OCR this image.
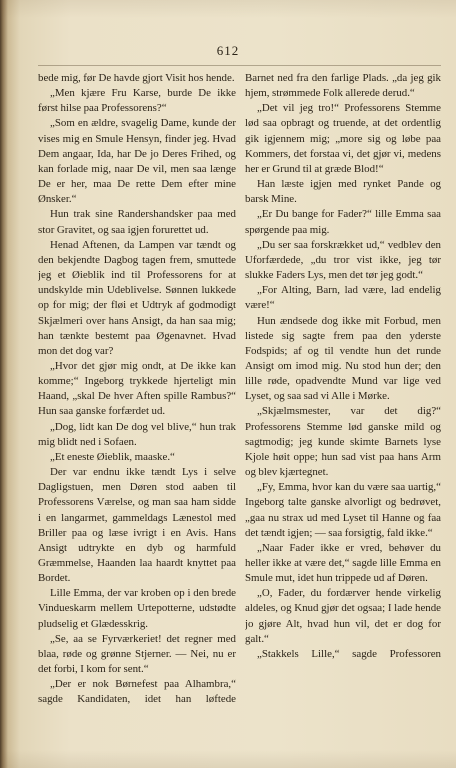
612

bede mig, før De havde gjort Visit hos hende.

„Men kjære Fru Karse, burde De ikke først hilse paa Professorens?“

„Som en ældre, svagelig Dame, kunde der vises mig en Smule Hensyn, finder jeg. Hvad Dem angaar, Ida, har De jo Deres Frihed, og kan forlade mig, naar De vil, men saa længe De er her, maa De rette Dem efter mine Ønsker.“

Hun trak sine Randershandsker paa med stor Gravitet, og saa igjen forurettet ud.

Henad Aftenen, da Lampen var tændt og den bekjendte Dagbog tagen frem, smuttede jeg et Øieblik ind til Professorens for at undskylde min Udeblivelse. Sønnen lukkede op for mig; der fløi et Udtryk af godmodigt Skjælmeri over hans Ansigt, da han saa mig; han tænkte bestemt paa Øgenavnet. Hvad mon det dog var?

„Hvor det gjør mig ondt, at De ikke kan komme;“ Ingeborg trykkede hjerteligt min Haand, „skal De hver Aften spille Rambus?“ Hun saa ganske forfærdet ud.

„Dog, lidt kan De dog vel blive,“ hun trak mig blidt ned i Sofaen.

„Et eneste Øieblik, maaske.“

Der var endnu ikke tændt Lys i selve Dagligstuen, men Døren stod aaben til Professorens Værelse, og man saa ham sidde i en langarmet, gammeldags Lænestol med Briller paa og læse ivrigt i en Avis. Hans Ansigt udtrykte en dyb og harmfuld Græmmelse, Haanden laa haardt knyttet paa Bordet.

Lille Emma, der var kroben op i den brede Vindueskarm mellem Urtepotterne, udstødte pludselig et Glædesskrig.

„Se, aa se Fyrværkeriet! det regner med blaa, røde og grønne Stjerner. — Nei, nu er det forbi, I kom for sent.“

„Der er nok Børnefest paa Alhambra,“ sagde Kandidaten, idet han løftede

Barnet ned fra den farlige Plads. „da jeg gik hjem, strømmede Folk allerede derud.“

„Det vil jeg tro!“ Professorens Stemme lød saa opbragt og truende, at det ordentlig gik igjennem mig; „more sig og løbe paa Kommers, det forstaa vi, det gjør vi, medens her er Grund til at græde Blod!“

Han læste igjen med rynket Pande og barsk Mine.

„Er Du bange for Fader?“ lille Emma saa spørgende paa mig.

„Du ser saa forskrækket ud,“ vedblev den Uforfærdede, „du tror vist ikke, jeg tør slukke Faders Lys, men det tør jeg godt.“

„For Alting, Barn, lad være, lad endelig være!“

Hun ændsede dog ikke mit Forbud, men listede sig sagte frem paa den yderste Fodspids; af og til vendte hun det runde Ansigt om imod mig. Nu stod hun der; den lille røde, opadvendte Mund var lige ved Lyset, og saa sad vi Alle i Mørke.

„Skjælmsmester, var det dig?“ Professorens Stemme lød ganske mild og sagtmodig; jeg kunde skimte Barnets lyse Kjole høit oppe; hun sad vist paa hans Arm og blev kjærtegnet.

„Fy, Emma, hvor kan du være saa uartig,“ Ingeborg talte ganske alvorligt og bedrøvet, „gaa nu strax ud med Lyset til Hanne og faa det tændt igjen; — saa forsigtig, fald ikke.“

„Naar Fader ikke er vred, behøver du heller ikke at være det,“ sagde lille Emma en Smule mut, idet hun trippede ud af Døren.

„O, Fader, du fordærver hende virkelig aldeles, og Knud gjør det ogsaa; I lade hende jo gjøre Alt, hvad hun vil, det er dog for galt.“

„Stakkels Lille,“ sagde Professoren
